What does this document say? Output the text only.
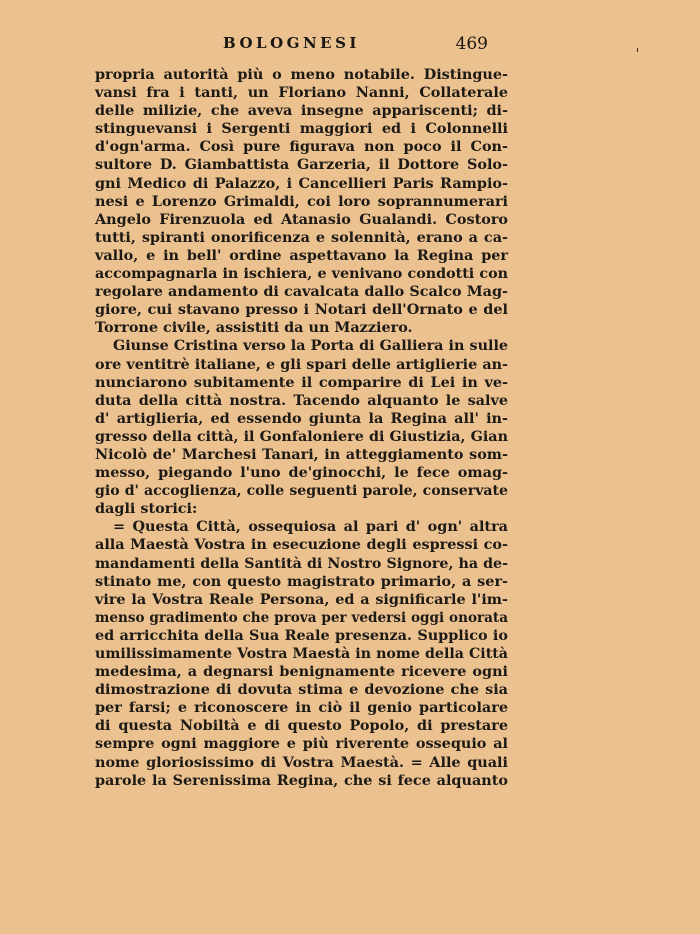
BOLOGNESI	469
propria autorità più o meno notabile. Distingue-
vansi fra i tanti, un Floriano Nanni, Collaterale
delle milizie, che aveva insegne appariscenti; di-
stinguevansi i Sergenti maggiori ed i Colonnelli
d'ogn'arma. Così pure figurava non poco il Con-
sultore D. Giambattista Garzeria, il Dottore Solo-
gni Medico di Palazzo, i Cancellieri Paris Rampio-
nesi e Lorenzo Grimaldi, coi loro soprannumerari
Angelo Firenzuola ed Atanasio Gualandi. Costoro
tutti, spiranti onorificenza e solennità, erano a ca-
vallo, e in bell' ordine aspettavano la Regina per
accompagnarla in ischiera, e venivano condotti con
regolare andamento di cavalcata dallo Scalco Mag-
giore, cui stavano presso i Notari dell'Ornato e del
Torrone civile, assistiti da un Mazziero.
Giunse Cristina verso la Porta di Galliera in sulle
ore ventitrè italiane, e gli spari delle artiglierie an-
nunciarono subitamente il comparire di Lei in ve-
duta della città nostra. Tacendo alquanto le salve
d' artiglieria, ed essendo giunta la Regina all' in-
gresso della città, il Gonfaloniere di Giustizia, Gian
Nicolò de' Marchesi Tanari, in atteggiamento som-
messo, piegando l'uno de'ginocchi, le fece omag-
gio d' accoglienza, colle seguenti parole, conservate
dagli storici:
= Questa Città, ossequiosa al pari d' ogn' altra
alla Maestà Vostra in esecuzione degli espressi co-
mandamenti della Santità di Nostro Signore, ha de-
stinato me, con questo magistrato primario, a ser-
vire la Vostra Reale Persona, ed a significarle l'im-
menso gradimento che prova per vedersi oggi onorata
ed arricchita della Sua Reale presenza. Supplico io
umilissimamente Vostra Maestà in nome della Città
medesima, a degnarsi benignamente ricevere ogni
dimostrazione di dovuta stima e devozione che sia
per farsi; e riconoscere in ciò il genio particolare
di questa Nobiltà e di questo Popolo, di prestare
sempre ogni maggiore e più riverente ossequio al
nome gloriosissimo di Vostra Maestà. = Alle quali
parole la Serenissima Regina, che si fece alquanto
